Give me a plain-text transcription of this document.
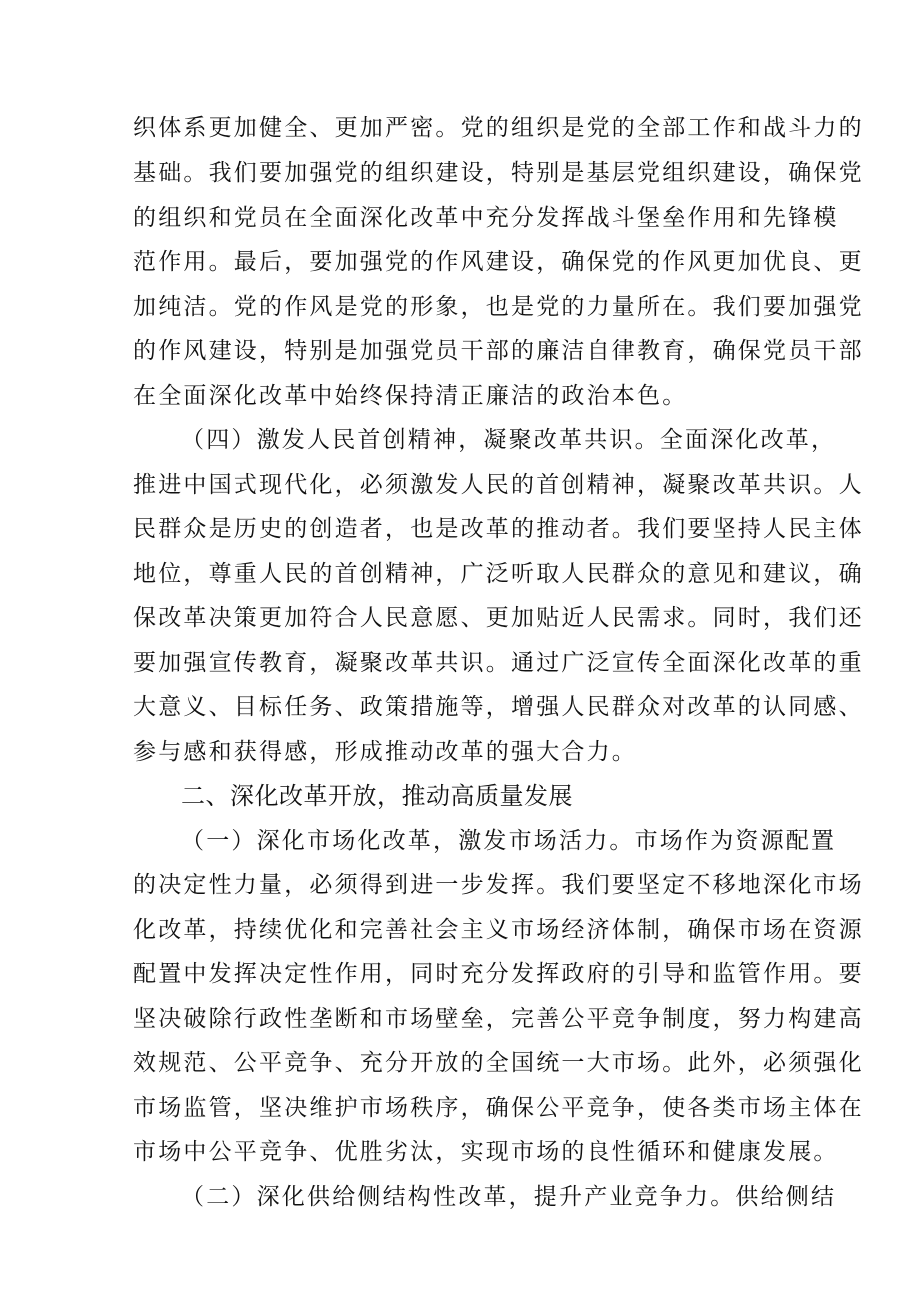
织体系更加健全、更加严密。党的组织是党的全部工作和战斗力的
基础。我们要加强党的组织建设，特别是基层党组织建设，确保党
的组织和党员在全面深化改革中充分发挥战斗堡垒作用和先锋模
范作用。最后，要加强党的作风建设，确保党的作风更加优良、更
加纯洁。党的作风是党的形象，也是党的力量所在。我们要加强党
的作风建设，特别是加强党员干部的廉洁自律教育，确保党员干部
在全面深化改革中始终保持清正廉洁的政治本色。
（四）激发人民首创精神，凝聚改革共识。全面深化改革，
推进中国式现代化，必须激发人民的首创精神，凝聚改革共识。人
民群众是历史的创造者，也是改革的推动者。我们要坚持人民主体
地位，尊重人民的首创精神，广泛听取人民群众的意见和建议，确
保改革决策更加符合人民意愿、更加贴近人民需求。同时，我们还
要加强宣传教育，凝聚改革共识。通过广泛宣传全面深化改革的重
大意义、目标任务、政策措施等，增强人民群众对改革的认同感、
参与感和获得感，形成推动改革的强大合力。
二、深化改革开放，推动高质量发展
（一）深化市场化改革，激发市场活力。市场作为资源配置
的决定性力量，必须得到进一步发挥。我们要坚定不移地深化市场
化改革，持续优化和完善社会主义市场经济体制，确保市场在资源
配置中发挥决定性作用，同时充分发挥政府的引导和监管作用。要
坚决破除行政性垄断和市场壁垒，完善公平竞争制度，努力构建高
效规范、公平竞争、充分开放的全国统一大市场。此外，必须强化
市场监管，坚决维护市场秩序，确保公平竞争，使各类市场主体在
市场中公平竞争、优胜劣汰，实现市场的良性循环和健康发展。
（二）深化供给侧结构性改革，提升产业竞争力。供给侧结
